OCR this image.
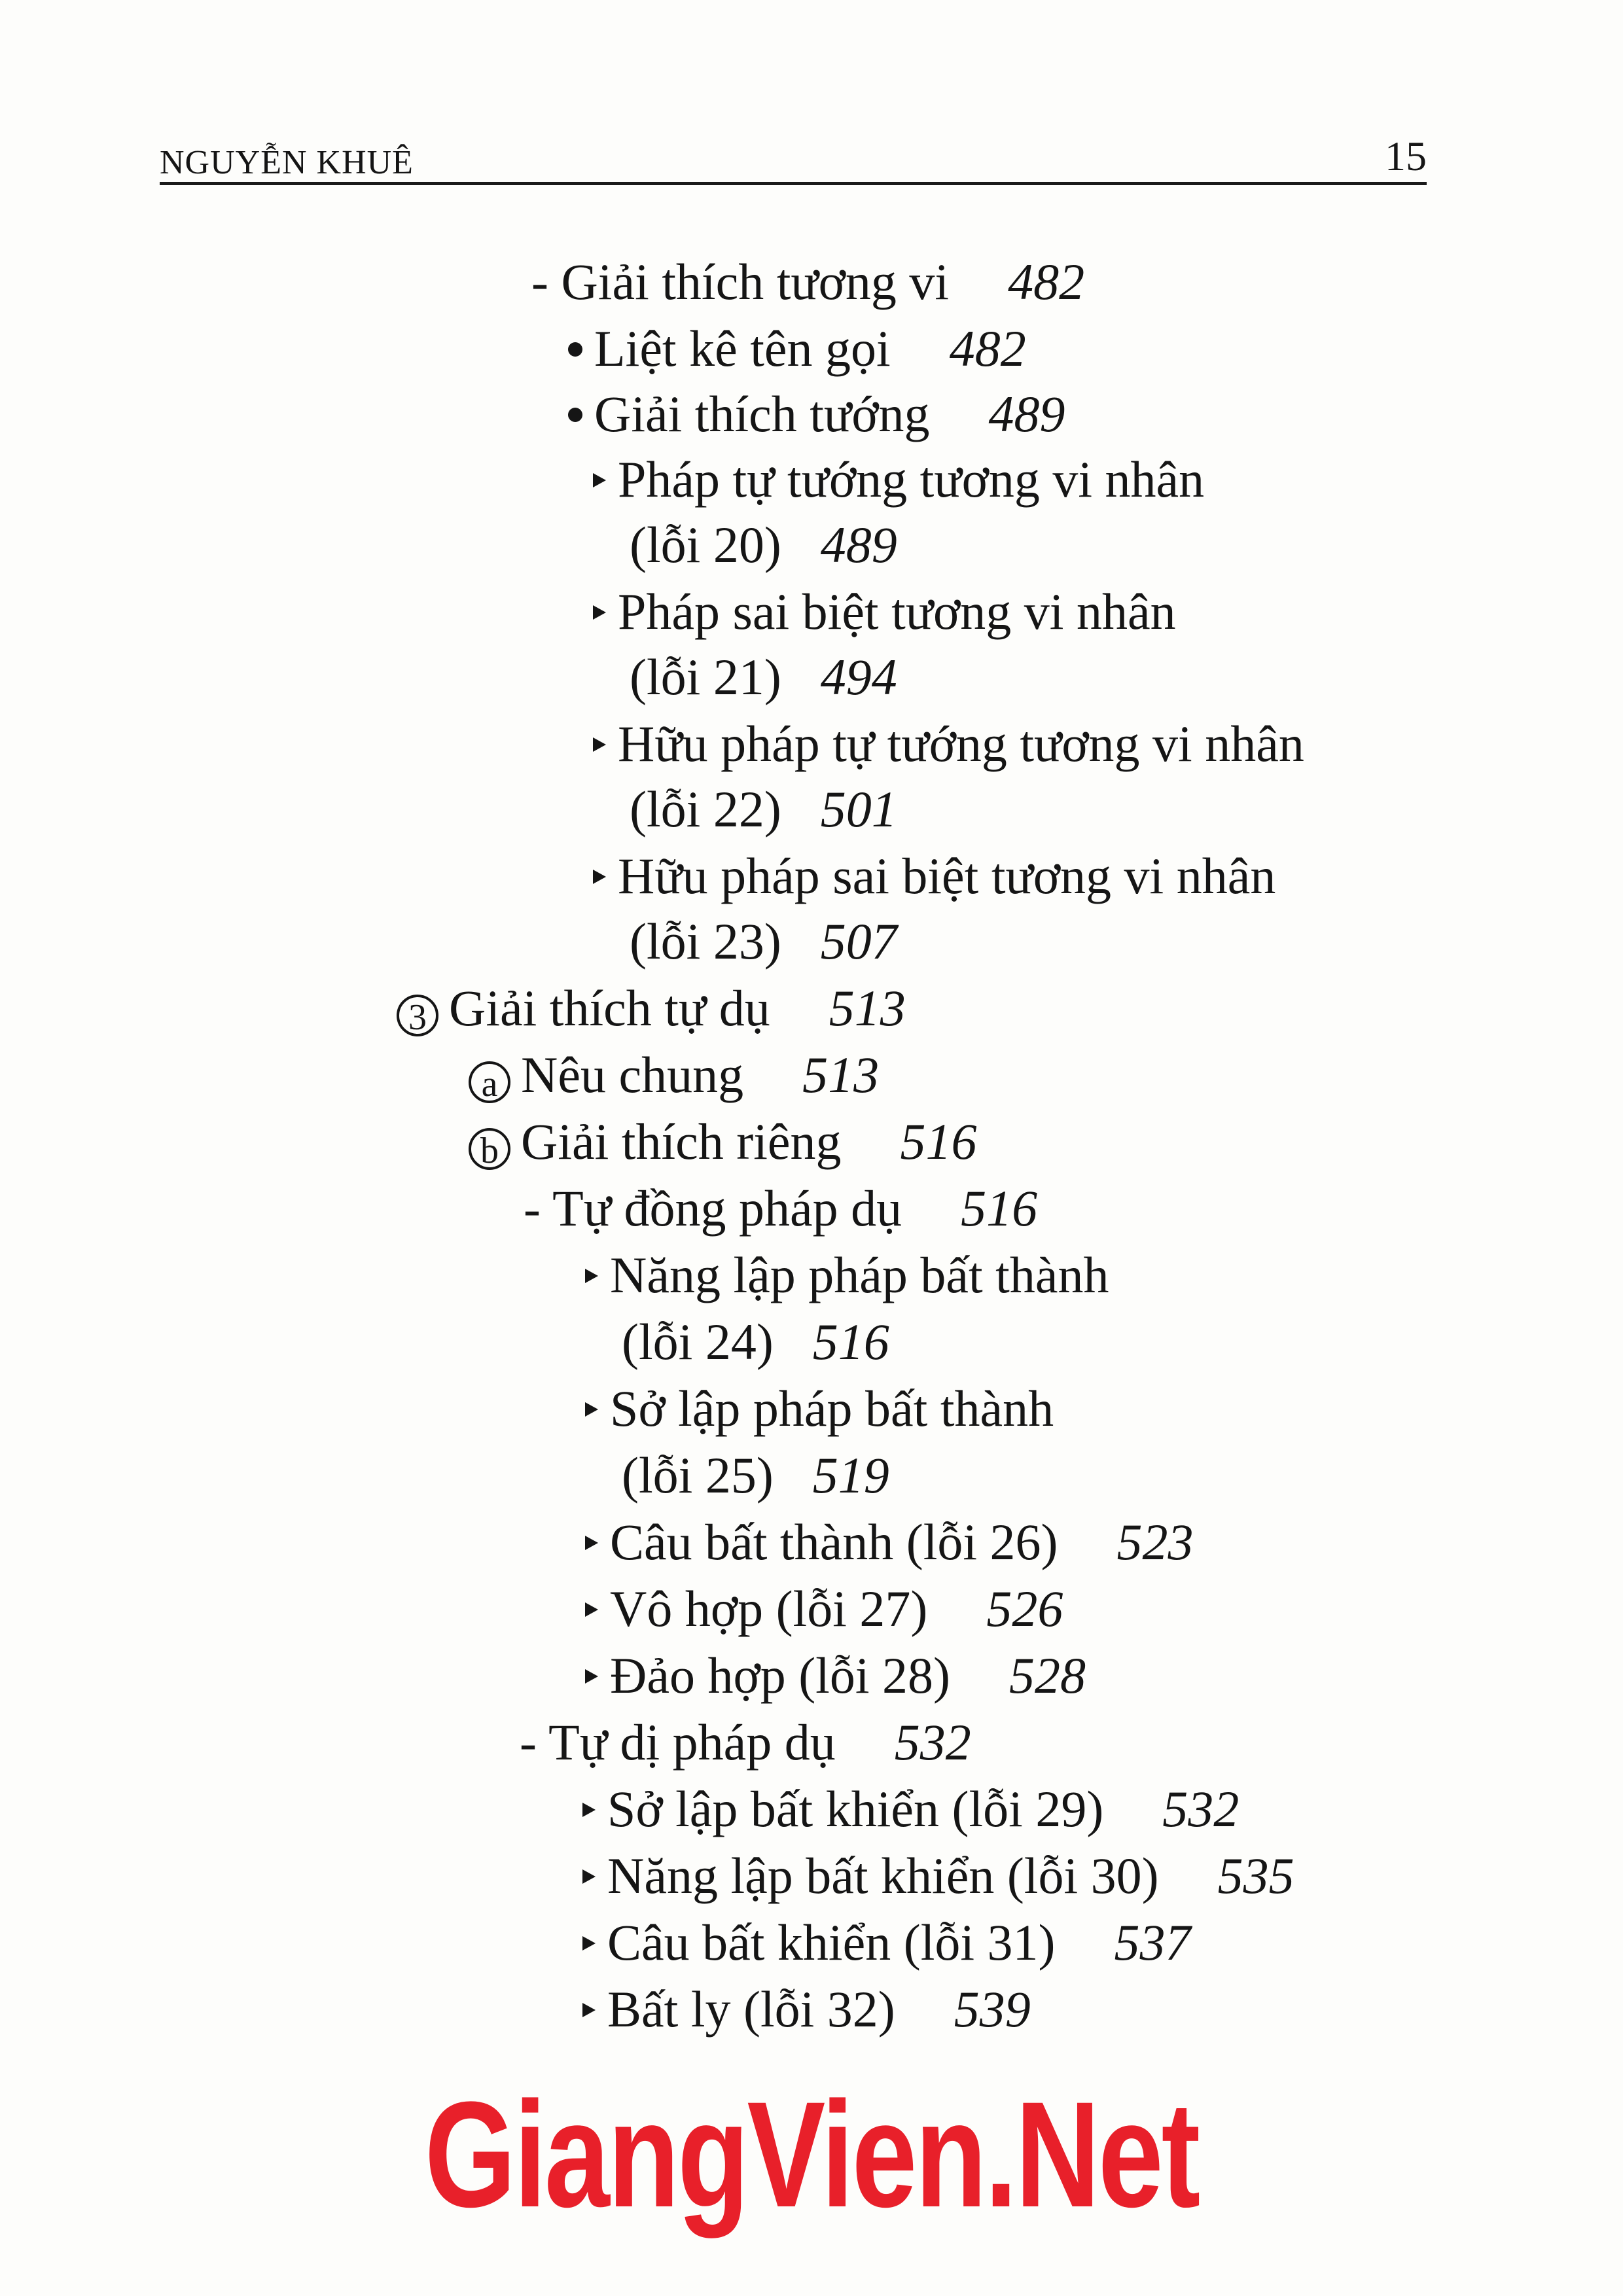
NGUYỄN KHUÊ	15
- Giải thích tương vi 482
Liệt kê tên gọi 482
Giải thích tướng 489
Pháp tự tướng tương vi nhân
(lỗi 20) 489
Pháp sai biệt tương vi nhân
(lỗi 21) 494
Hữu pháp tự tướng tương vi nhân
(lỗi 22) 501
Hữu pháp sai biệt tương vi nhân
(lỗi 23) 507
3 Giải thích tự dụ 513
a Nêu chung 513
b Giải thích riêng 516
- Tự đồng pháp dụ 516
Năng lập pháp bất thành
(lỗi 24) 516
Sở lập pháp bất thành
(lỗi 25) 519
Câu bất thành (lỗi 26) 523
Vô hợp (lỗi 27) 526
Đảo hợp (lỗi 28) 528
- Tự dị pháp dụ 532
Sở lập bất khiển (lỗi 29) 532
Năng lập bất khiển (lỗi 30) 535
Câu bất khiển (lỗi 31) 537
Bất ly (lỗi 32) 539
GiangVien.Net
